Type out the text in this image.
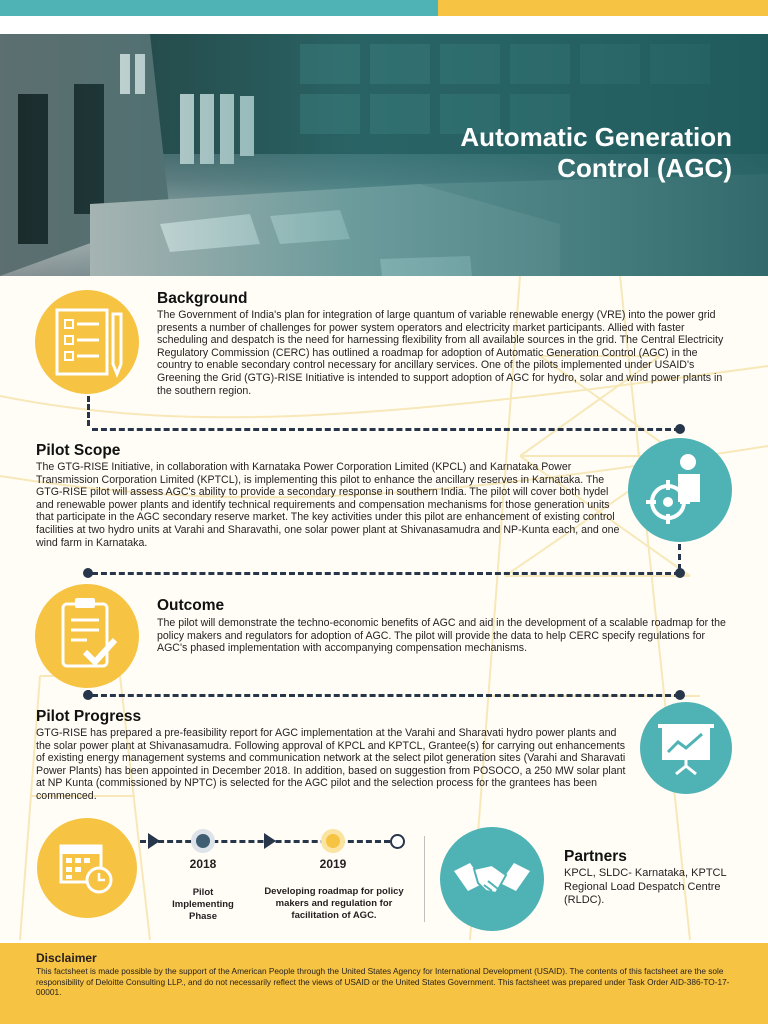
Automatic Generation
Control (AGC)
Background
The Government of India's plan for integration of large quantum of variable renewable energy (VRE) into the power grid presents a number of challenges for power system operators and electricity market participants. Allied with faster scheduling and despatch is the need for harnessing flexibility from all available sources in the grid. The Central Electricity Regulatory Commission (CERC) has outlined a roadmap for adoption of Automatic Generation Control (AGC) in the country to enable secondary control necessary for ancillary services. One of the pilots implemented under USAID's Greening the Grid (GTG)-RISE Initiative is intended to support adoption of AGC for hydro, solar and wind power plants in the southern region.
Pilot Scope
The GTG-RISE Initiative, in collaboration with Karnataka Power Corporation Limited (KPCL) and Karnataka Power Transmission Corporation Limited (KPTCL), is implementing this pilot to enhance the ancillary reserves in Karnataka. The GTG-RISE pilot will assess AGC's ability to provide a secondary response in southern India. The pilot will cover both hydel and renewable power plants and identify technical requirements and compensation mechanisms for those generation units that participate in the AGC secondary reserve market. The key activities under this pilot are enhancement of existing control facilities at two hydro units at Varahi and Sharavathi, one solar power plant at Shivanasamudra and NP-Kunta each, and one wind farm in Karnataka.
Outcome
The pilot will demonstrate the techno-economic benefits of AGC and aid in the development of a scalable roadmap for the policy makers and regulators for adoption of AGC. The pilot will provide the data to help CERC specify regulations for AGC's phased implementation with accompanying compensation mechanisms.
Pilot Progress
GTG-RISE has prepared a pre-feasibility report for AGC implementation at the Varahi and Sharavati hydro power plants and the solar power plant at Shivanasamudra. Following approval of KPCL and KPTCL, Grantee(s) for carrying out enhancements of existing energy management systems and communication network at the select pilot generation sites (Varahi and Sharavati Power Plants) has been appointed in December 2018. In addition, based on suggestion from POSOCO, a 250 MW solar plant at NP Kunta (commissioned by NPTC) is selected for the AGC pilot and the selection process for the grantees has been commenced.
2018
Pilot Implementing Phase
2019
Developing roadmap for policy makers and regulation for facilitation of AGC.
Partners
KPCL, SLDC- Karnataka, KPTCL Regional Load Despatch Centre (RLDC).
Disclaimer
This factsheet is made possible by the support of the American People through the United States Agency for International Development (USAID). The contents of this factsheet are the sole responsibility of Deloitte Consulting LLP., and do not necessarily reflect the views of USAID or the United States Government. This factsheet was prepared under Task Order AID-386-TO-17-00001.
